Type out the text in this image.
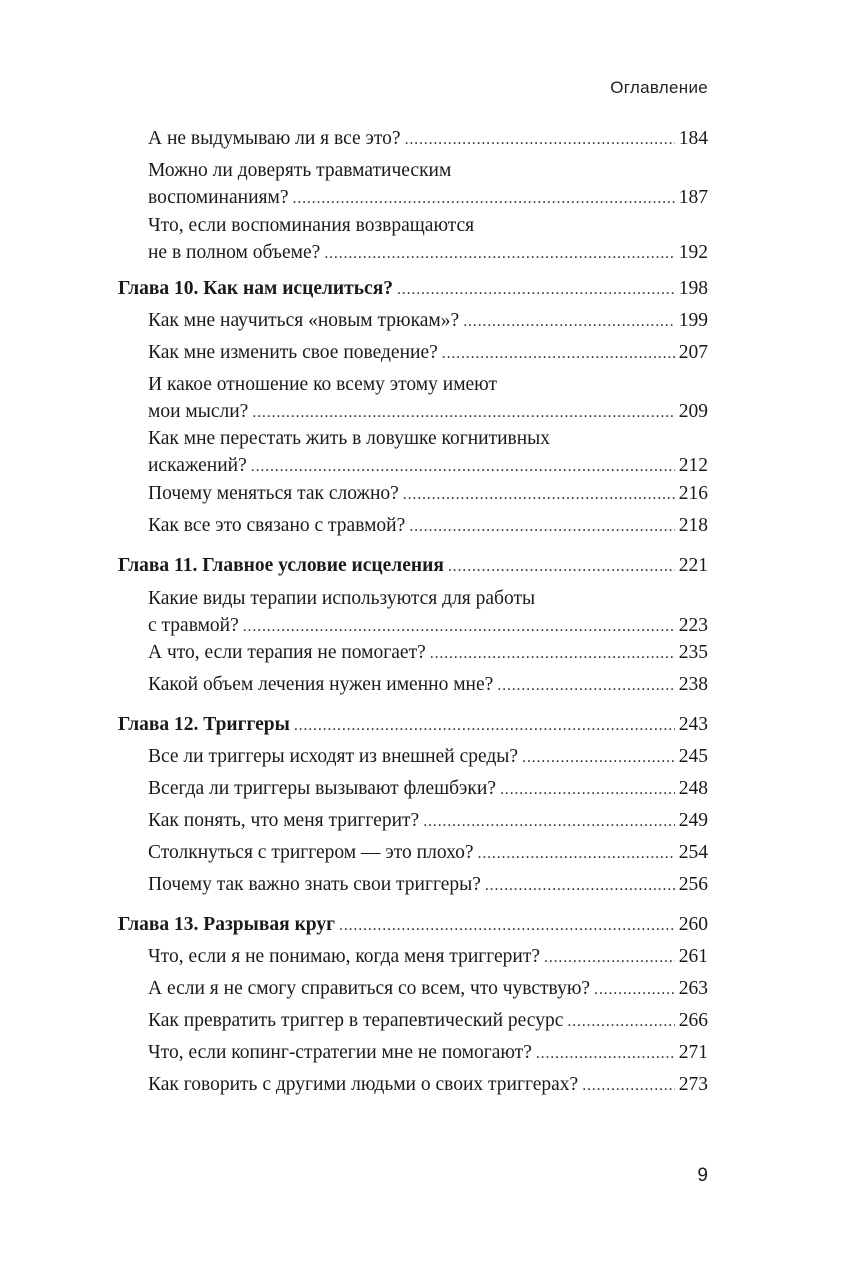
Оглавление
А не выдумываю ли я все это? . . .	184
Можно ли доверять травматическим
воспоминаниям? . . .	187
Что, если воспоминания возвращаются
не в полном объеме? . . .	192
Глава 10. Как нам исцелиться? . . .	198
Как мне научиться «новым трюкам»? . . .	199
Как мне изменить свое поведение? . . .	207
И какое отношение ко всему этому имеют
мои мысли? . . .	209
Как мне перестать жить в ловушке когнитивных
искажений? . . .	212
Почему меняться так сложно? . . .	216
Как все это связано с травмой? . . .	218
Глава 11. Главное условие исцеления . . .	221
Какие виды терапии используются для работы
с травмой? . . .	223
А что, если терапия не помогает? . . .	235
Какой объем лечения нужен именно мне? . . .	238
Глава 12. Триггеры . . .	243
Все ли триггеры исходят из внешней среды? . . .	245
Всегда ли триггеры вызывают флешбэки? . . .	248
Как понять, что меня триггерит? . . .	249
Столкнуться с триггером — это плохо? . . .	254
Почему так важно знать свои триггеры? . . .	256
Глава 13. Разрывая круг . . .	260
Что, если я не понимаю, когда меня триггерит? . . .	261
А если я не смогу справиться со всем, что чувствую? . . .	263
Как превратить триггер в терапевтический ресурс . . .	266
Что, если копинг-стратегии мне не помогают? . . .	271
Как говорить с другими людьми о своих триггерах? . . .	273
9
